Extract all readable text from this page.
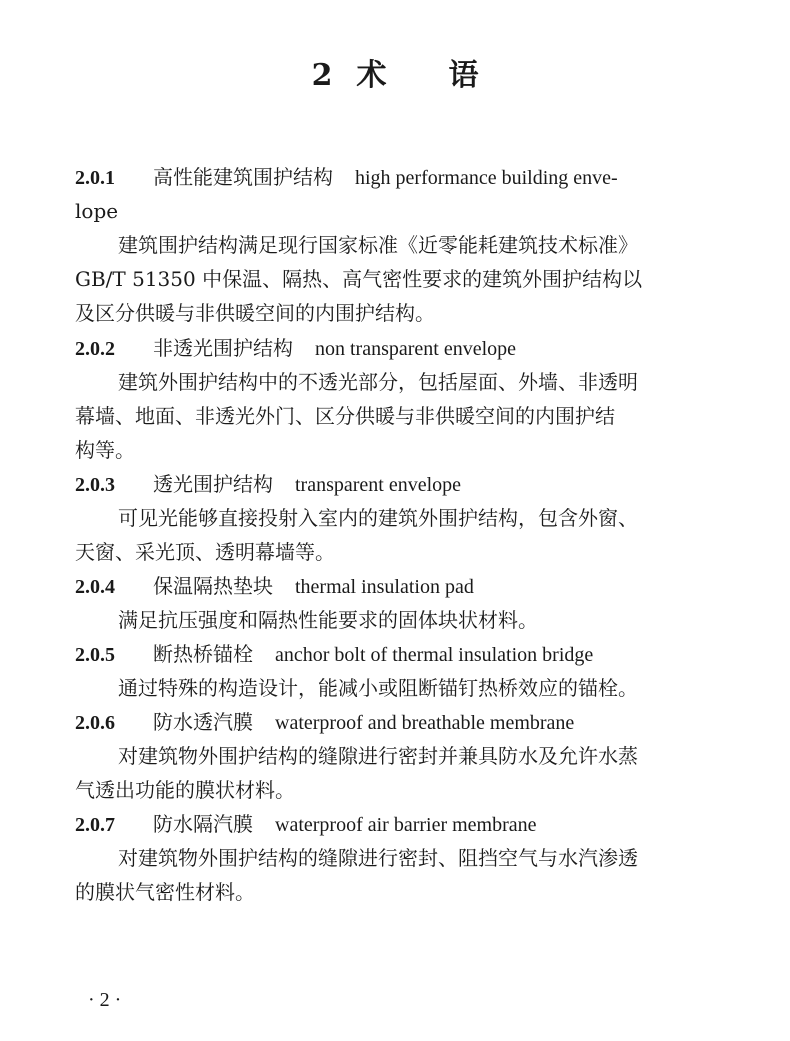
2 术 语
2.0.1 高性能建筑围护结构 high performance building enve-
lope
建筑围护结构满足现行国家标准《近零能耗建筑技术标准》
GB/T 51350 中保温、隔热、高气密性要求的建筑外围护结构以
及区分供暖与非供暖空间的内围护结构。
2.0.2 非透光围护结构 non transparent envelope
建筑外围护结构中的不透光部分，包括屋面、外墙、非透明
幕墙、地面、非透光外门、区分供暖与非供暖空间的内围护结
构等。
2.0.3 透光围护结构 transparent envelope
可见光能够直接投射入室内的建筑外围护结构，包含外窗、
天窗、采光顶、透明幕墙等。
2.0.4 保温隔热垫块 thermal insulation pad
满足抗压强度和隔热性能要求的固体块状材料。
2.0.5 断热桥锚栓 anchor bolt of thermal insulation bridge
通过特殊的构造设计，能减小或阻断锚钉热桥效应的锚栓。
2.0.6 防水透汽膜 waterproof and breathable membrane
对建筑物外围护结构的缝隙进行密封并兼具防水及允许水蒸
气透出功能的膜状材料。
2.0.7 防水隔汽膜 waterproof air barrier membrane
对建筑物外围护结构的缝隙进行密封、阻挡空气与水汽渗透
的膜状气密性材料。
· 2 ·
